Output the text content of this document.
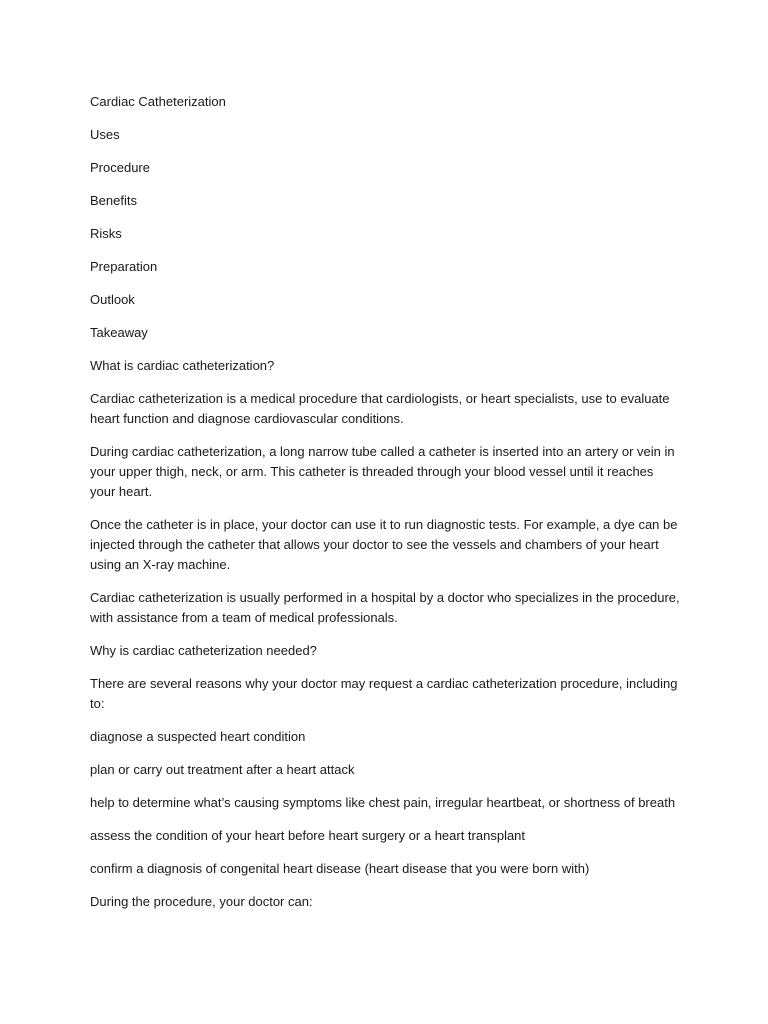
Cardiac Catheterization

Uses

Procedure

Benefits

Risks

Preparation

Outlook

Takeaway

What is cardiac catheterization?

Cardiac catheterization is a medical procedure that cardiologists, or heart specialists, use to evaluate heart function and diagnose cardiovascular conditions.

During cardiac catheterization, a long narrow tube called a catheter is inserted into an artery or vein in your upper thigh, neck, or arm. This catheter is threaded through your blood vessel until it reaches your heart.

Once the catheter is in place, your doctor can use it to run diagnostic tests. For example, a dye can be injected through the catheter that allows your doctor to see the vessels and chambers of your heart using an X-ray machine.

Cardiac catheterization is usually performed in a hospital by a doctor who specializes in the procedure, with assistance from a team of medical professionals.

Why is cardiac catheterization needed?

There are several reasons why your doctor may request a cardiac catheterization procedure, including to:

diagnose a suspected heart condition

plan or carry out treatment after a heart attack

help to determine what’s causing symptoms like chest pain, irregular heartbeat, or shortness of breath

assess the condition of your heart before heart surgery or a heart transplant

confirm a diagnosis of congenital heart disease (heart disease that you were born with)

During the procedure, your doctor can:
